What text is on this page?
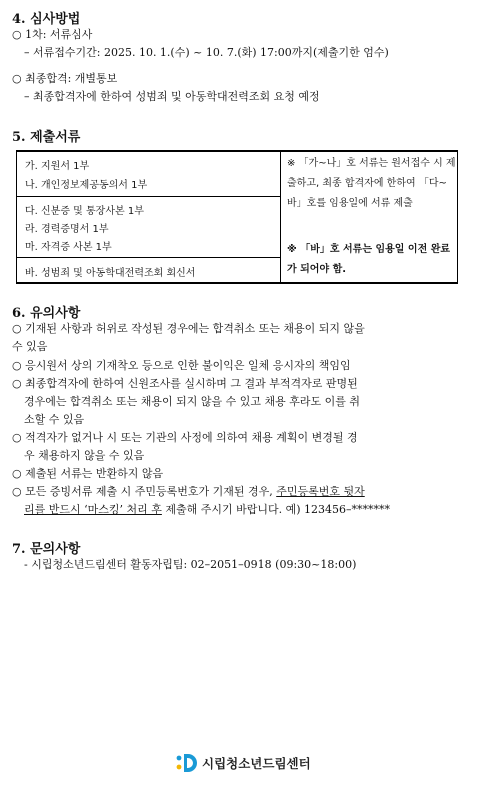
4. 심사방법
○ 1차: 서류심사
– 서류접수기간: 2025. 10. 1.(수) ~ 10. 7.(화) 17:00까지(제출기한 엄수)
○ 최종합격: 개별통보
– 최종합격자에 한하여 성범죄 및 아동학대전력조회 요청 예정
5. 제출서류
가. 지원서 1부
나. 개인정보제공동의서 1부
다. 신분증 및 통장사본 1부
라. 경력증명서 1부
마. 자격증 사본 1부
바. 성범죄 및 아동학대전력조회 회신서
※ 「가~나」호 서류는 원서접수 시 제출하고, 최종 합격자에 한하여 「다~바」호를 임용일에 서류 제출
※ 「바」호 서류는 임용일 이전 완료가 되어야 함.
6. 유의사항
○ 기재된 사항과 허위로 작성된 경우에는 합격취소 또는 채용이 되지 않을
수 있음
○ 응시원서 상의 기재착오 등으로 인한 불이익은 일체 응시자의 책임임
○ 최종합격자에 한하여 신원조사를 실시하며 그 결과 부적격자로 판명된
경우에는 합격취소 또는 채용이 되지 않을 수 있고 채용 후라도 이를 취
소할 수 있음
○ 적격자가 없거나 시 또는 기관의 사정에 의하여 채용 계획이 변경될 경
우 채용하지 않을 수 있음
○ 제출된 서류는 반환하지 않음
○ 모든 증빙서류 제출 시 주민등록번호가 기재된 경우, 주민등록번호 뒷자
리를 반드시 ‘마스킹’ 처리 후 제출해 주시기 바랍니다. 예) 123456–*******
7. 문의사항
- 시립청소년드림센터 활동자립팀: 02–2051–0918 (09:30~18:00)
시립청소년드림센터
